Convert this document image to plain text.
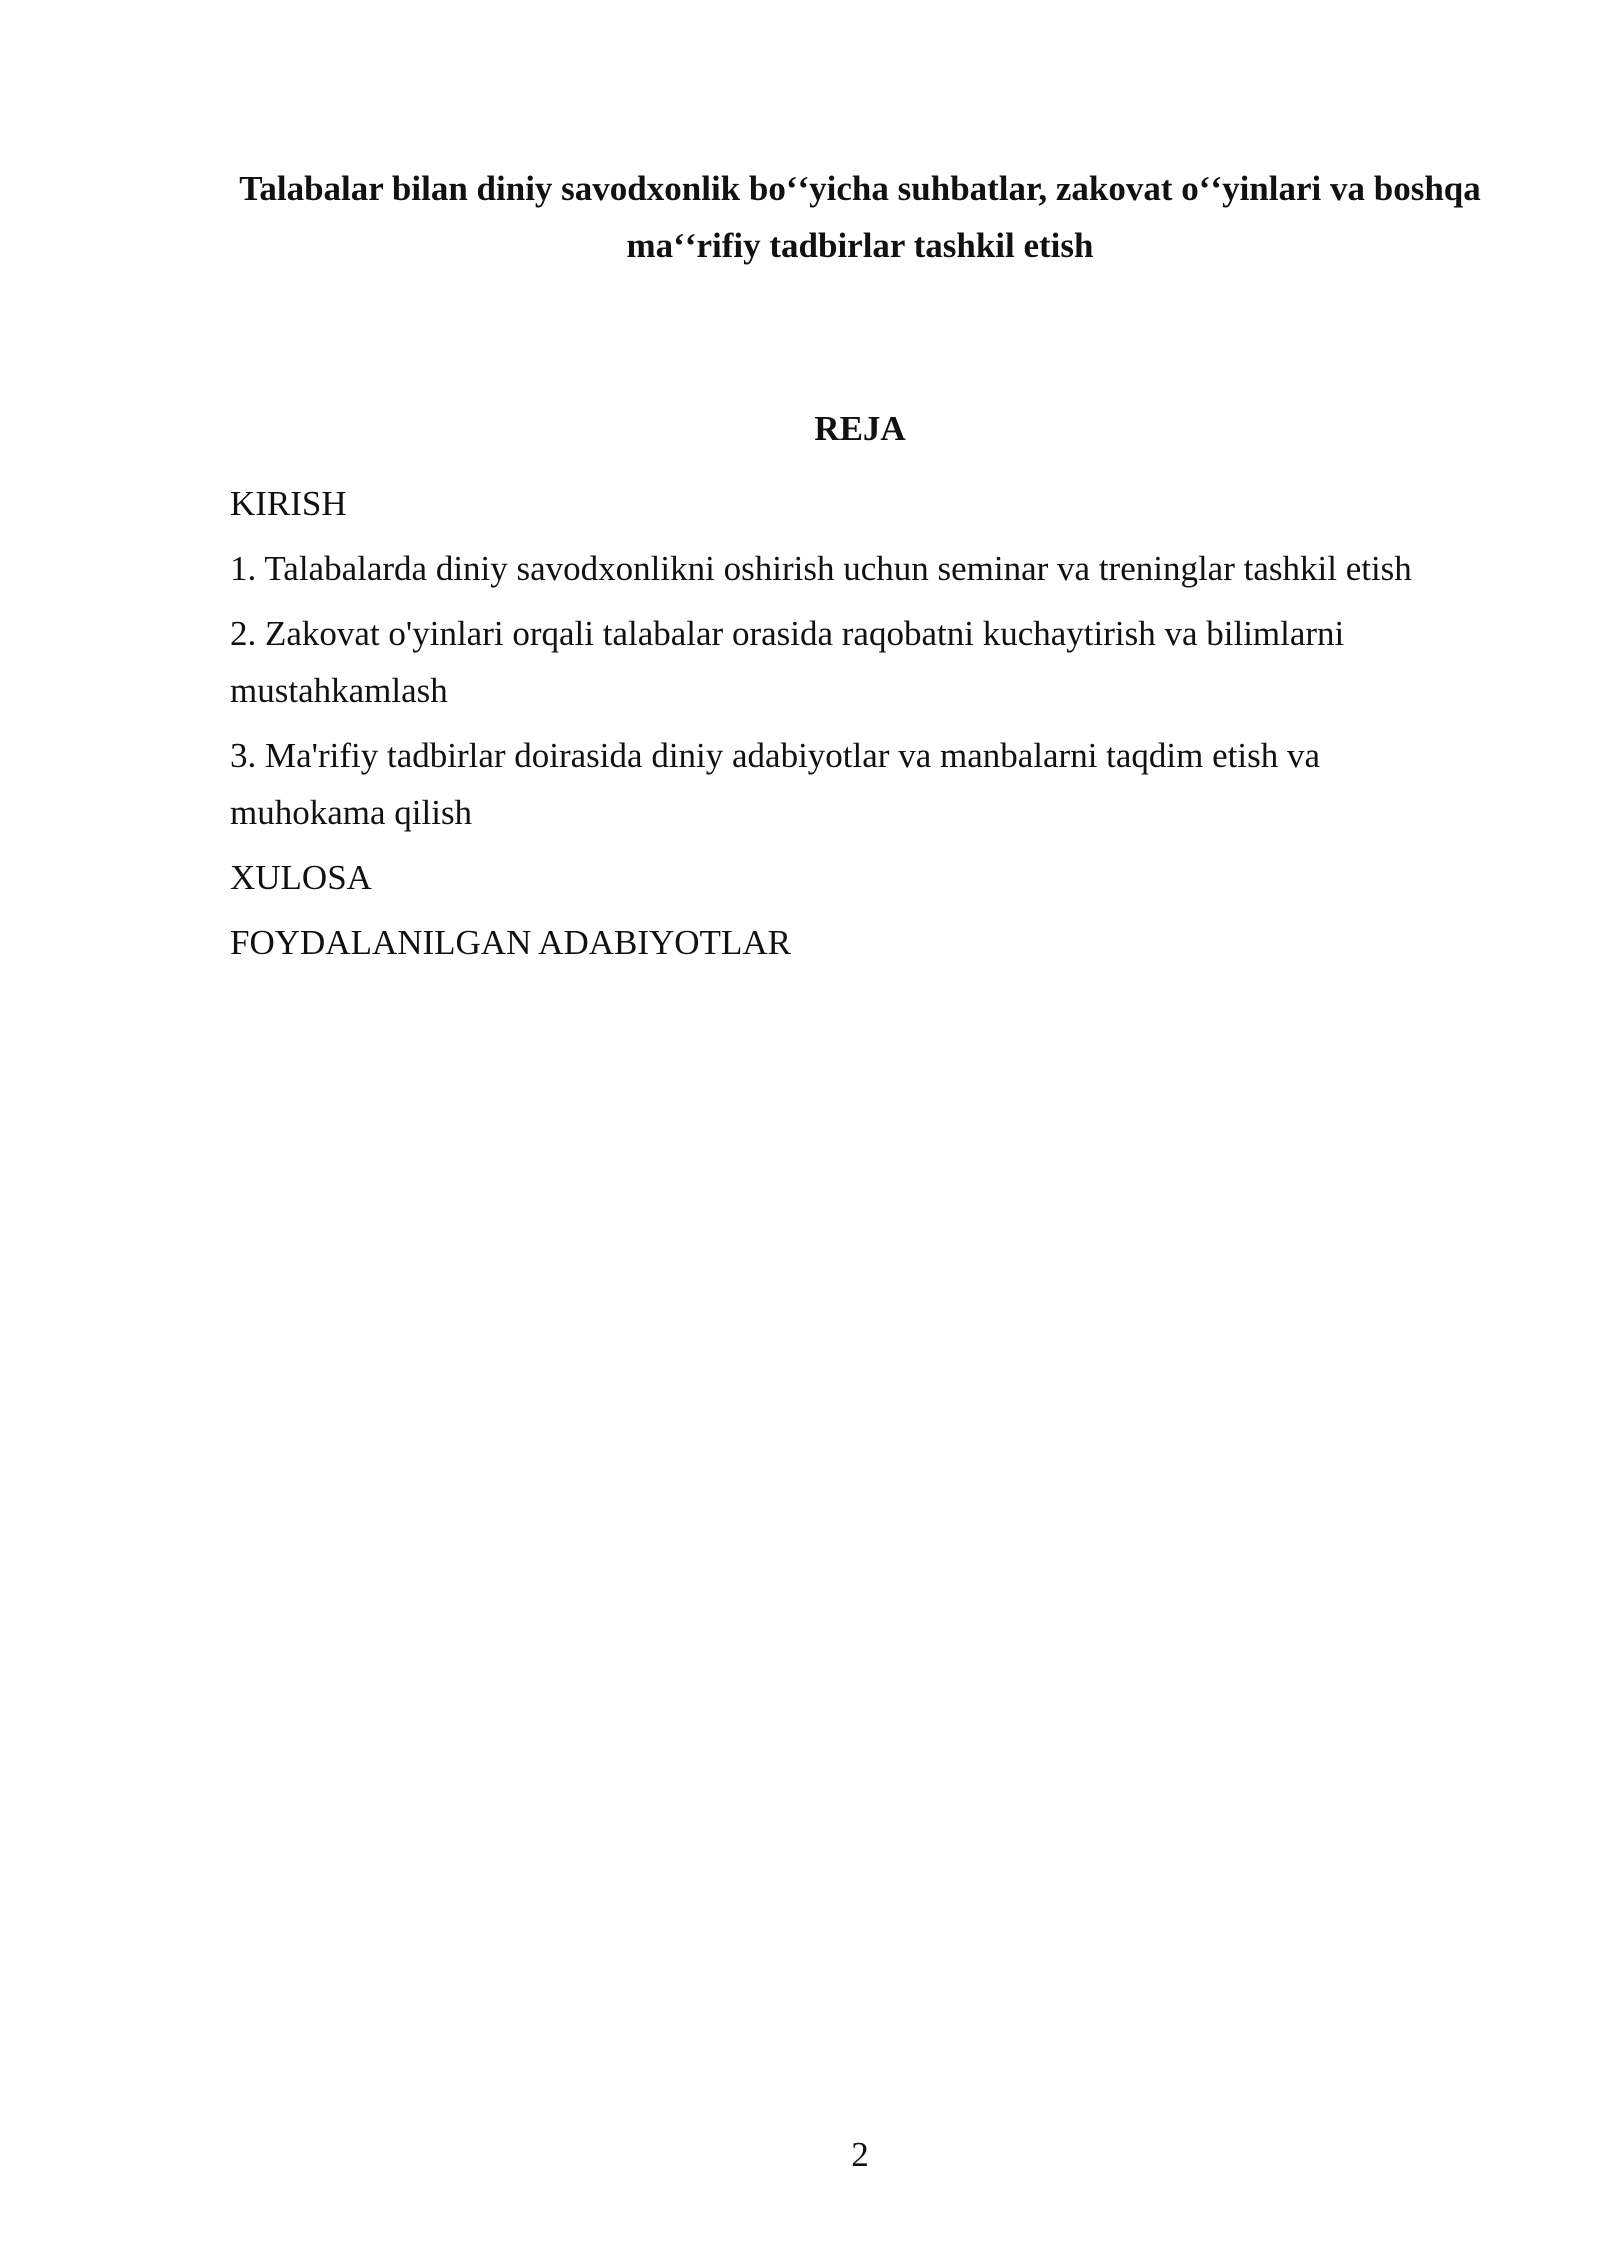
Talabalar bilan diniy savodxonlik boʻʻyicha suhbatlar, zakovat oʻʻyinlari va boshqa maʻʻrifiy tadbirlar tashkil etish
REJA
KIRISH
1. Talabalarda diniy savodxonlikni oshirish uchun seminar va treninglar tashkil etish
2. Zakovat o'yinlari orqali talabalar orasida raqobatni kuchaytirish va bilimlarni mustahkamlash
3. Ma'rifiy tadbirlar doirasida diniy adabiyotlar va manbalarni taqdim etish va muhokama qilish
XULOSA
FOYDALANILGAN ADABIYOTLAR
2
